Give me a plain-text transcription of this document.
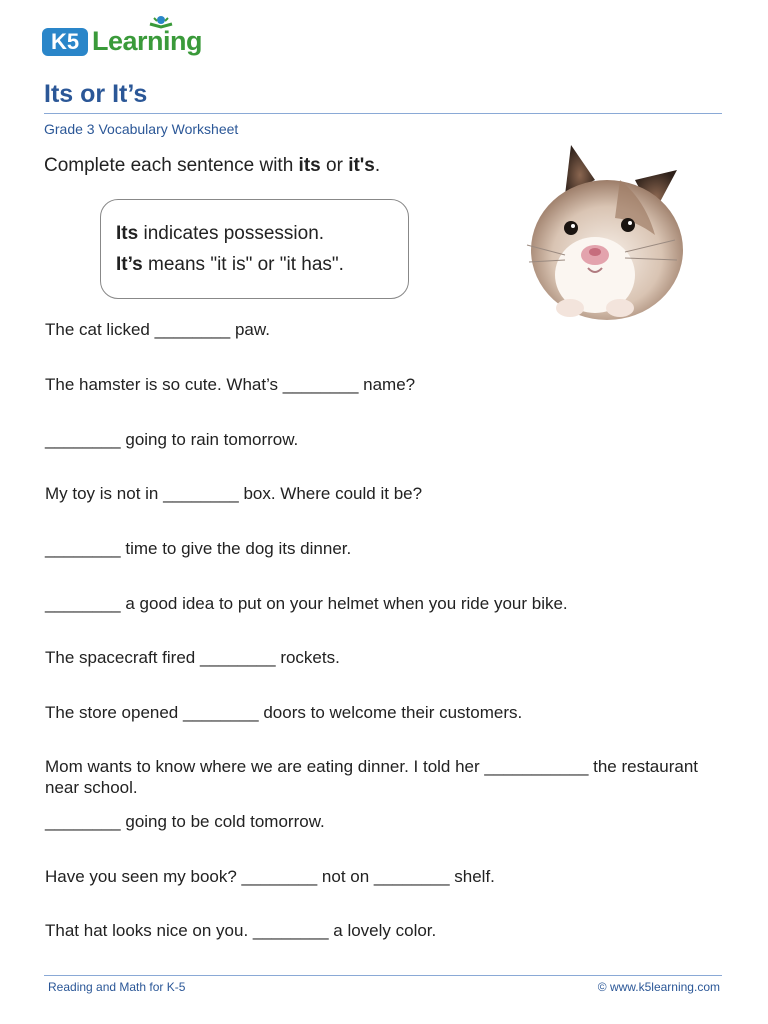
K5 Learning
Its or It’s
Grade 3 Vocabulary Worksheet
Complete each sentence with its or it's.
Its indicates possession.
It’s means "it is" or "it has".
The cat licked ________ paw.
The hamster is so cute. What’s ________ name?
________ going to rain tomorrow.
My toy is not in ________ box. Where could it be?
________ time to give the dog its dinner.
________ a good idea to put on your helmet when you ride your bike.
The spacecraft fired ________ rockets.
The store opened ________ doors to welcome their customers.
Mom wants to know where we are eating dinner. I told her ___________ the restaurant near school.
________ going to be cold tomorrow.
Have you seen my book? ________ not on ________ shelf.
That hat looks nice on you. ________ a lovely color.
Reading and Math for K-5	© www.k5learning.com
